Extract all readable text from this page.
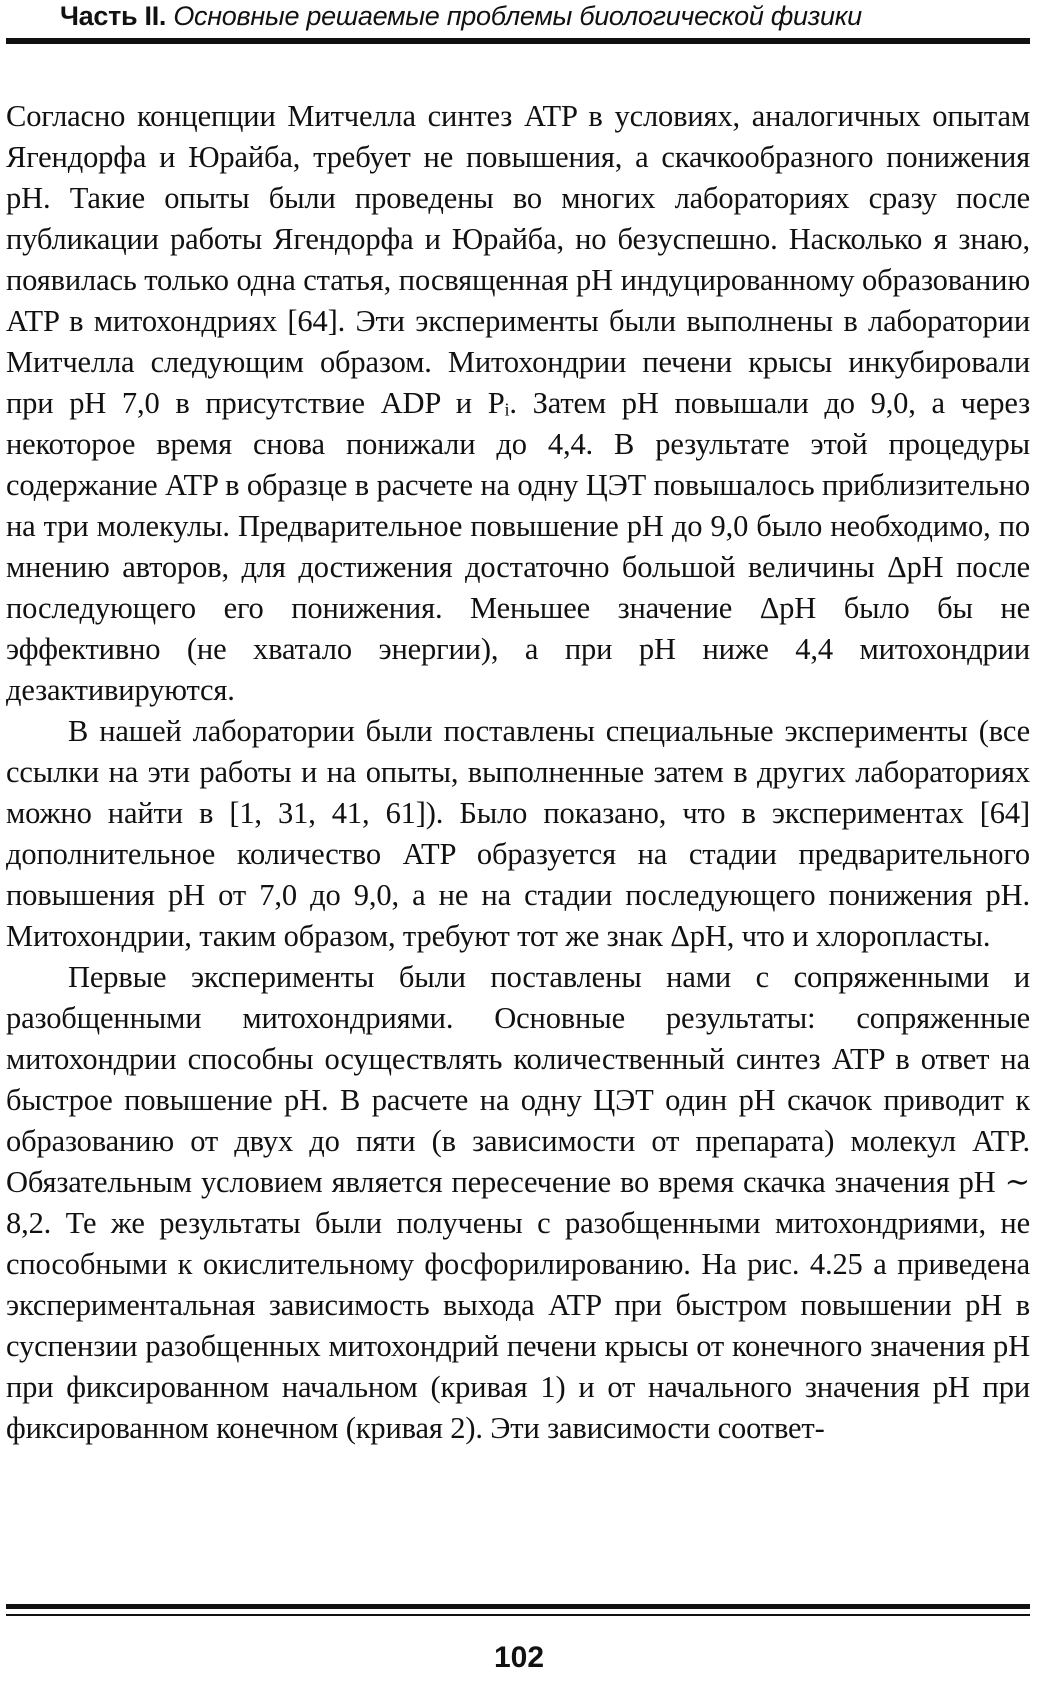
Часть II. Основные решаемые проблемы биологической физики

Согласно концепции Митчелла синтез ATP в условиях, аналогичных опытам Ягендорфа и Юрайба, требует не повышения, а скачкообразного понижения pH. Такие опыты были проведены во многих лабораториях сразу после публикации работы Ягендорфа и Юрайба, но безуспешно. Насколько я знаю, появилась только одна статья, посвященная pH индуцированному образованию ATP в митохондриях [64]. Эти эксперименты были выполнены в лаборатории Митчелла следующим образом. Митохондрии печени крысы инкубировали при pH 7,0 в присутствие ADP и Pᵢ. Затем pH повышали до 9,0, а через некоторое время снова понижали до 4,4. В результате этой процедуры содержание ATP в образце в расчете на одну ЦЭТ повышалось приблизительно на три молекулы. Предварительное повышение pH до 9,0 было необходимо, по мнению авторов, для достижения достаточно большой величины ΔpH после последующего его понижения. Меньшее значение ΔpH было бы не эффективно (не хватало энергии), а при pH ниже 4,4 митохондрии дезактивируются.

В нашей лаборатории были поставлены специальные эксперименты (все ссылки на эти работы и на опыты, выполненные затем в других лабораториях можно найти в [1, 31, 41, 61]). Было показано, что в экспериментах [64] дополнительное количество ATP образуется на стадии предварительного повышения pH от 7,0 до 9,0, а не на стадии последующего понижения pH. Митохондрии, таким образом, требуют тот же знак ΔpH, что и хлоропласты.

Первые эксперименты были поставлены нами с сопряженными и разобщенными митохондриями. Основные результаты: сопряженные митохондрии способны осуществлять количественный синтез ATP в ответ на быстрое повышение pH. В расчете на одну ЦЭТ один pH скачок приводит к образованию от двух до пяти (в зависимости от препарата) молекул ATP. Обязательным условием является пересечение во время скачка значения pH ∼ 8,2. Те же результаты были получены с разобщенными митохондриями, не способными к окислительному фосфорилированию. На рис. 4.25 а приведена экспериментальная зависимость выхода ATP при быстром повышении pH в суспензии разобщенных митохондрий печени крысы от конечного значения pH при фиксированном начальном (кривая 1) и от начального значения pH при фиксированном конечном (кривая 2). Эти зависимости соответ-

102
